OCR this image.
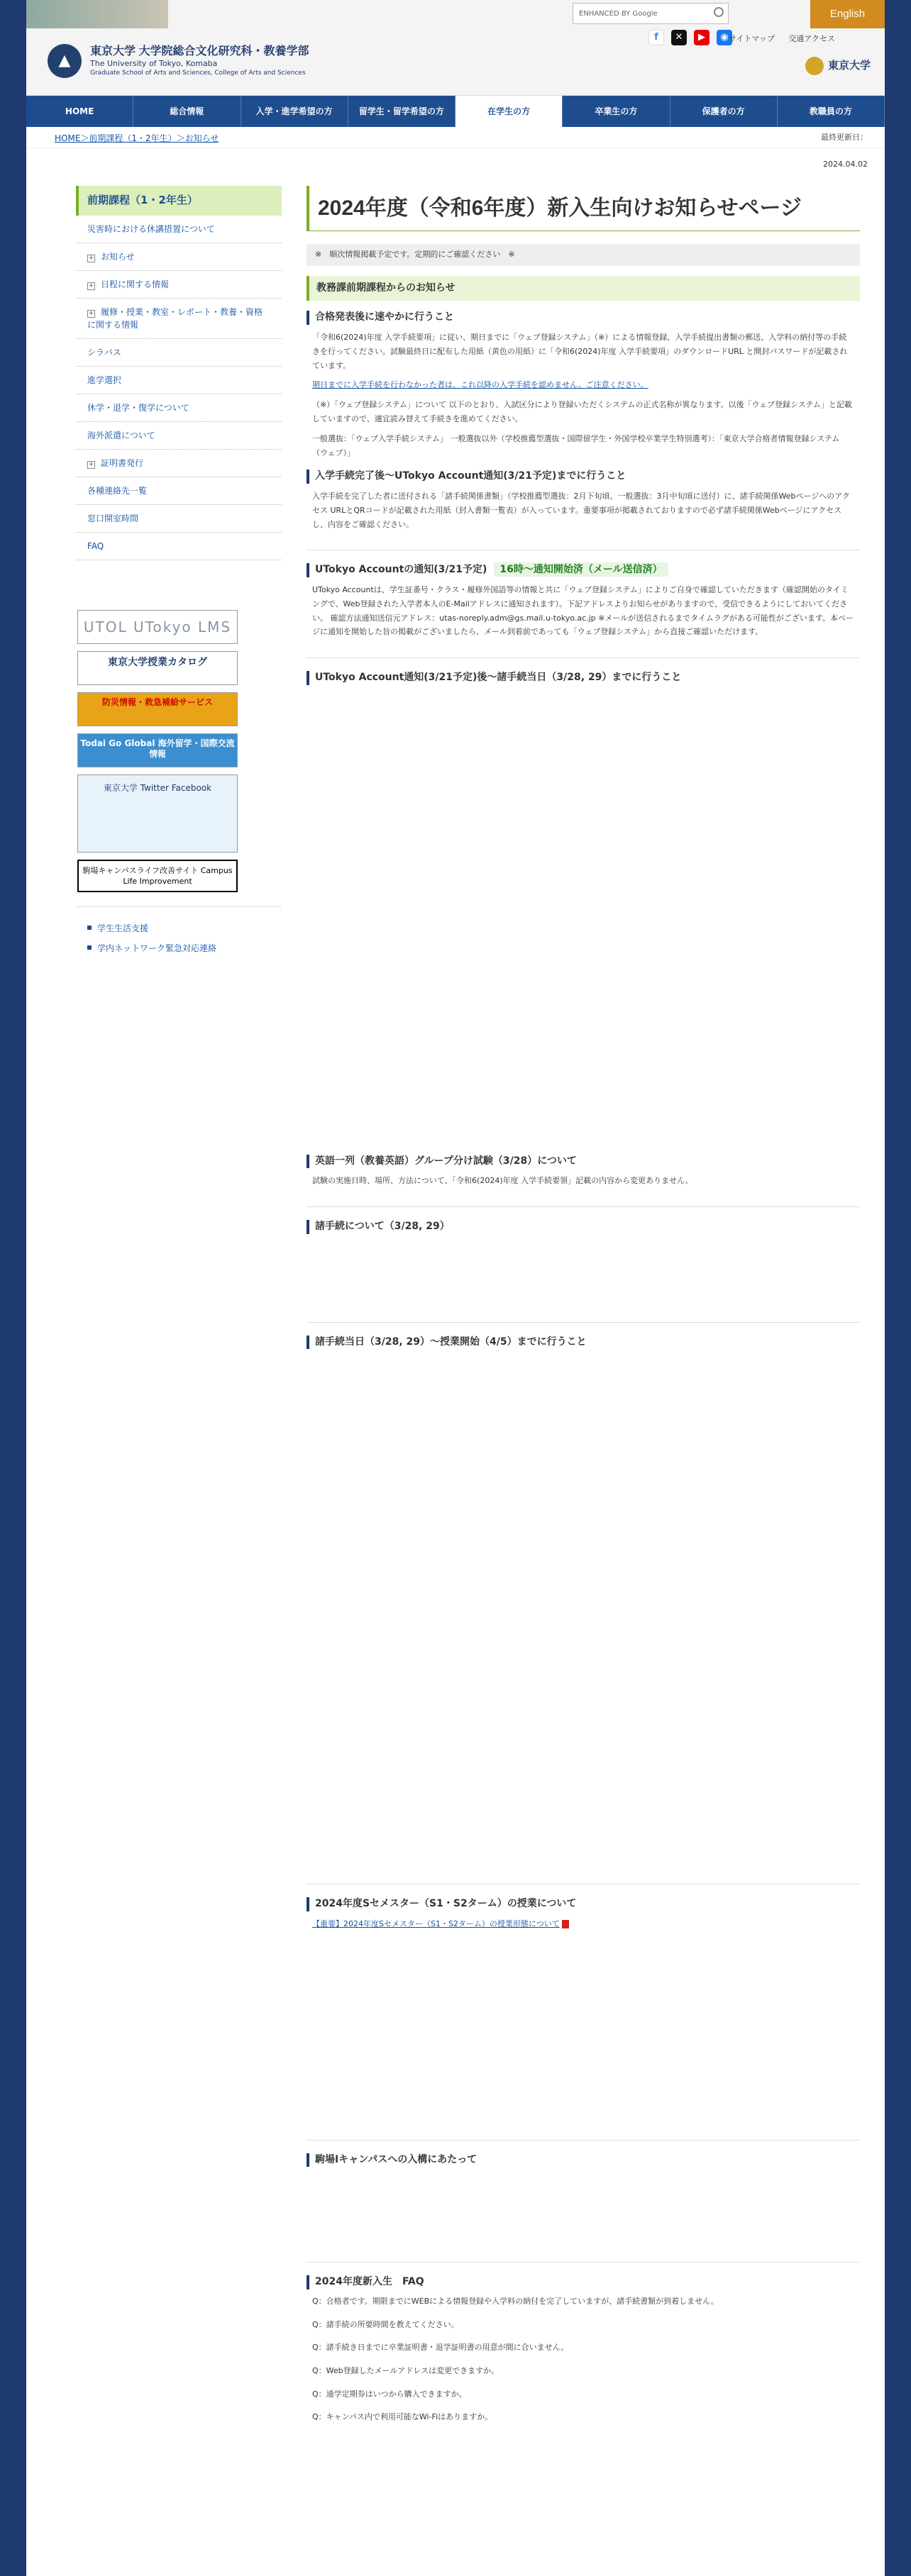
ENHANCED BY Google	English
f	✕	▶	◉ サイトマップ 交通アクセス
▲
東京大学 大学院総合文化研究科・教養学部
The University of Tokyo, Komaba
Graduate School of Arts and Sciences, College of Arts and Sciences
東京大学
HOME	総合情報	入学・進学希望の方	留学生・留学希望の方	在学生の方	卒業生の方	保護者の方	教職員の方
HOME＞前期課程（1・2年生）＞お知らせ	最終更新日：
2024.04.02
前期課程（1・2年生）
災害時における休講措置について
+ お知らせ
+ 日程に関する情報
+ 履修・授業・教室・レポート・教養・資格に関する情報
シラバス
進学選択
休学・退学・復学について
海外派遣について
+ 証明書発行
各種連絡先一覧
窓口開室時間
FAQ
UTOL UTokyo LMS
東京大学授業カタログ
防災情報・救急補給サービス
Todai Go Global 海外留学・国際交流情報
東京大学 Twitter Facebook
駒場キャンパスライフ改善サイト Campus Life Improvement
学生生活支援
学内ネットワーク緊急対応連絡
2024年度（令和6年度）新入生向けお知らせページ
※　順次情報掲載予定です。定期的にご確認ください　※
教務課前期課程からのお知らせ
合格発表後に速やかに行うこと

「令和6(2024)年度 入学手続要項」に従い、期日までに「ウェブ登録システム」（※）による情報登録、入学手続提出書類の郵送、入学料の納付等の手続きを行ってください。試験最終日に配布した用紙（黄色の用紙）に「令和6(2024)年度 入学手続要項」のダウンロードURL と開封パスワードが記載されています。

期日までに入学手続を行わなかった者は、これ以降の入学手続を認めません。ご注意ください。

（※）「ウェブ登録システム」について 以下のとおり、入試区分により登録いただくシステムの正式名称が異なります。以後「ウェブ登録システム」と記載していますので、適宜読み替えて手続きを進めてください。

一般選抜：「ウェブ入学手続システム」 一般選抜以外（学校推薦型選抜・国際留学生・外国学校卒業学生特別選考）：「東京大学合格者情報登録システム（ウェブ）」

入学手続完了後〜UTokyo Account通知(3/21予定)までに行うこと

入学手続を完了した者に送付される「諸手続関係書類」（学校推薦型選抜：2月下旬頃、一般選抜：3月中旬頃に送付）に、諸手続関係Webページへのアクセス URLとQRコードが記載された用紙（封入書類一覧表）が入っています。重要事項が掲載されておりますので必ず諸手続関係Webページにアクセスし、内容をご確認ください。

UTokyo Accountの通知(3/21予定) 16時〜通知開始済（メール送信済）

UTokyo Accountは、学生証番号・クラス・履修外国語等の情報と共に「ウェブ登録システム」によりご自身で確認していただきます（確認開始のタイミングで、Web登録された入学者本人のE-Mailアドレスに通知されます）。下記アドレスよりお知らせがありますので、受信できるようにしておいてください。 確認方法通知送信元アドレス：utas-noreply.adm@gs.mail.u-tokyo.ac.jp ※メールが送信されるまでタイムラグがある可能性がございます。本ページに通知を開始した旨の掲載がございましたら、メール到着前であっても「ウェブ登録システム」から直接ご確認いただけます。

UTokyo Account通知(3/21予定)後〜諸手続当日（3/28, 29）までに行うこと
英語一列（教養英語）グループ分け試験（3/28）について

試験の実施日時、場所、方法について、「令和6(2024)年度 入学手続要領」記載の内容から変更ありません。

諸手続について（3/28, 29）
諸手続当日（3/28, 29）〜授業開始（4/5）までに行うこと
2024年度Sセメスター（S1・S2ターム）の授業について

【重要】2024年度Sセメスター（S1・S2ターム）の授業形態について

駒場Iキャンパスへの入構にあたって
2024年度新入生　FAQ

Q：合格者です。期限までにWEBによる情報登録や入学料の納付を完了していますが、諸手続書類が到着しません。

Q：諸手続の所要時間を教えてください。

Q：諸手続き日までに卒業証明書・退学証明書の用意が間に合いません。

Q：Web登録したメールアドレスは変更できますか。

Q：通学定期券はいつから購入できますか。

Q：キャンパス内で利用可能なWi-Fiはありますか。
